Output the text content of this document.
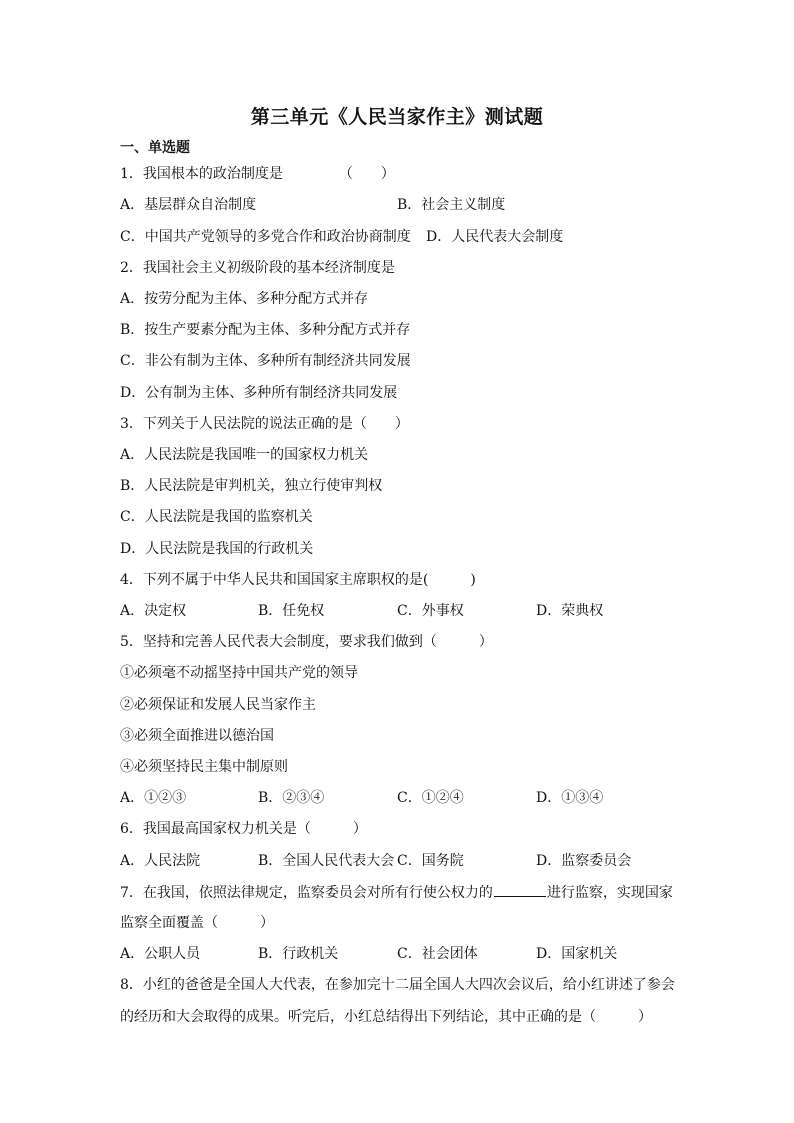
第三单元《人民当家作主》测试题
一、单选题
1．我国根本的政治制度是	（　　）
A．基层群众自治制度	B．社会主义制度
C．中国共产党领导的多党合作和政治协商制度 D．人民代表大会制度
2．我国社会主义初级阶段的基本经济制度是
A．按劳分配为主体、多种分配方式并存
B．按生产要素分配为主体、多种分配方式并存
C．非公有制为主体、多种所有制经济共同发展
D．公有制为主体、多种所有制经济共同发展
3．下列关于人民法院的说法正确的是（　　）
A．人民法院是我国唯一的国家权力机关
B．人民法院是审判机关，独立行使审判权
C．人民法院是我国的监察机关
D．人民法院是我国的行政机关
4．下列不属于中华人民共和国国家主席职权的是(　　　)
A．决定权	B．任免权	C．外事权	D．荣典权
5．坚持和完善人民代表大会制度，要求我们做到（　　　）
①必须毫不动摇坚持中国共产党的领导
②必须保证和发展人民当家作主
③必须全面推进以德治国
④必须坚持民主集中制原则
A．①②③	B．②③④	C．①②④	D．①③④
6．我国最高国家权力机关是（　　　）
A．人民法院	B．全国人民代表大会 C．国务院	D．监察委员会
7．在我国，依照法律规定，监察委员会对所有行使公权力的	进行监察，实现国家
监察全面覆盖（　　　）
A．公职人员	B．行政机关	C．社会团体	D．国家机关
8．小红的爸爸是全国人大代表，在参加完十二届全国人大四次会议后，给小红讲述了参会
的经历和大会取得的成果。听完后，小红总结得出下列结论，其中正确的是（　　　）
